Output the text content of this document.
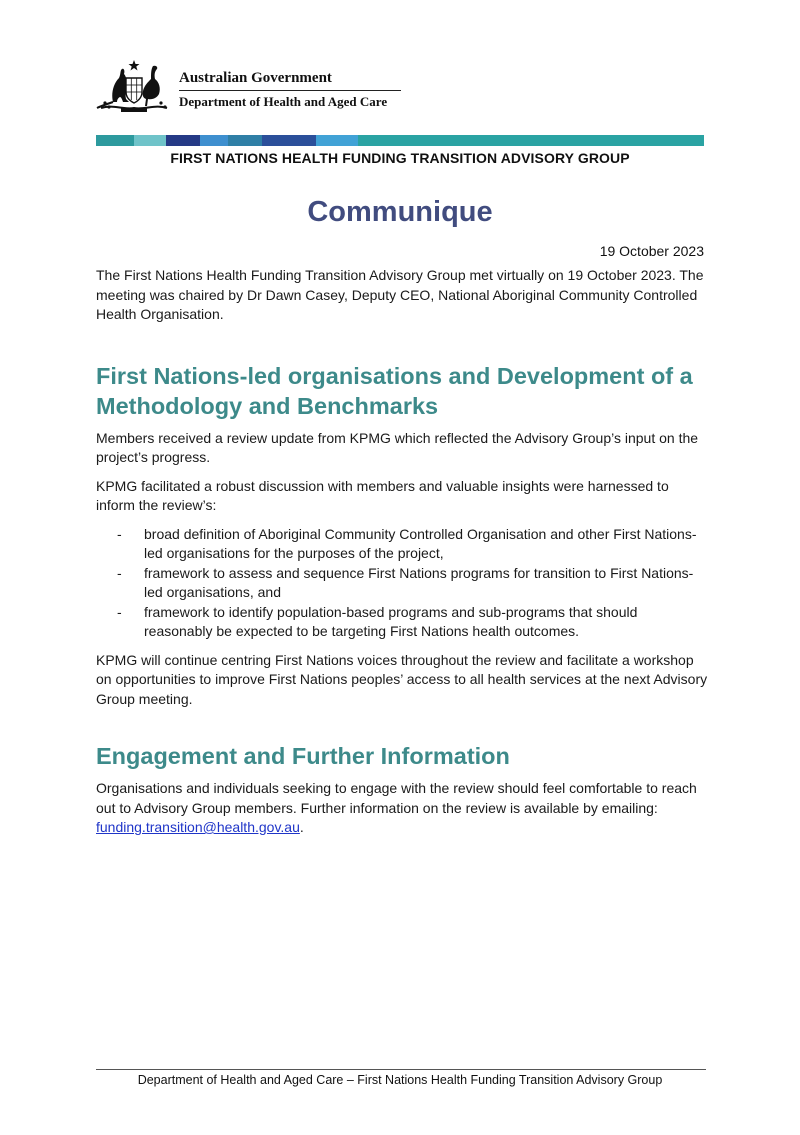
Australian Government
Department of Health and Aged Care
FIRST NATIONS HEALTH FUNDING TRANSITION ADVISORY GROUP
Communique
19 October 2023

The First Nations Health Funding Transition Advisory Group met virtually on 19 October 2023. The meeting was chaired by Dr Dawn Casey, Deputy CEO, National Aboriginal Community Controlled Health Organisation.

First Nations-led organisations and Development of a Methodology and Benchmarks

Members received a review update from KPMG which reflected the Advisory Group’s input on the project’s progress.

KPMG facilitated a robust discussion with members and valuable insights were harnessed to inform the review’s:

- broad definition of Aboriginal Community Controlled Organisation and other First Nations-led organisations for the purposes of the project,
- framework to assess and sequence First Nations programs for transition to First Nations-led organisations, and
- framework to identify population-based programs and sub-programs that should reasonably be expected to be targeting First Nations health outcomes.

KPMG will continue centring First Nations voices throughout the review and facilitate a workshop on opportunities to improve First Nations peoples’ access to all health services at the next Advisory Group meeting.

Engagement and Further Information

Organisations and individuals seeking to engage with the review should feel comfortable to reach out to Advisory Group members. Further information on the review is available by emailing: funding.transition@health.gov.au.

Department of Health and Aged Care – First Nations Health Funding Transition Advisory Group
